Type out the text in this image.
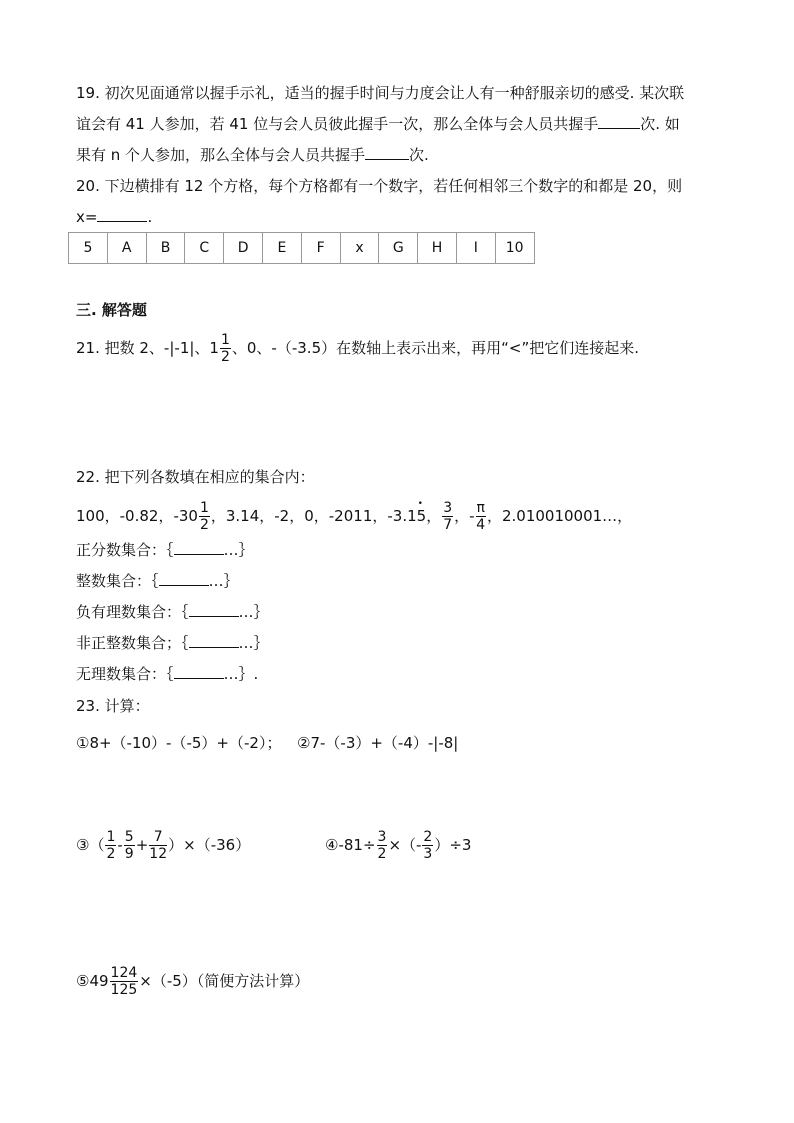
19. 初次见面通常以握手示礼，适当的握手时间与力度会让人有一种舒服亲切的感受. 某次联
谊会有 41 人参加，若 41 位与会人员彼此握手一次，那么全体与会人员共握手	次. 如
果有 n 个人参加，那么全体与会人员共握手	次.
20. 下边横排有 12 个方格，每个方格都有一个数字，若任何相邻三个数字的和都是 20，则
x=	.
5	A	B	C	D	E	F	x	G	H	I	10
三. 解答题
21. 把数 2、-|-1|、$1 \frac{1}{2}$ 、0、-（-3.5）在数轴上表示出来，再用“<”把它们连接起来.
22. 把下列各数填在相应的集合内：
100，-0.82，$-30 \frac{1}{2}$ ，3.14，-2，0，-2011，-3.1• 5， $\frac{3}{7}$ ，- $\frac{\pi}{4}$ ，2.010010001…，
正分数集合：｛	…｝
整数集合：｛	…｝
负有理数集合：｛	…｝
非正整数集合；｛	…｝
无理数集合：｛	…｝.
23. 计算：
①8+（-10）-（-5）+（-2）； ②7-（-3）+（-4）-|-8|
③（ $\frac{1}{2} - \frac{5}{9} + \frac{7}{12} )\times(-36)$	④-81÷ $\frac{3}{2}$ ×（- $\frac{2}{3} )\div 3$
⑤49 $\frac{124}{125} \times(-5)$（简便方法计算）
